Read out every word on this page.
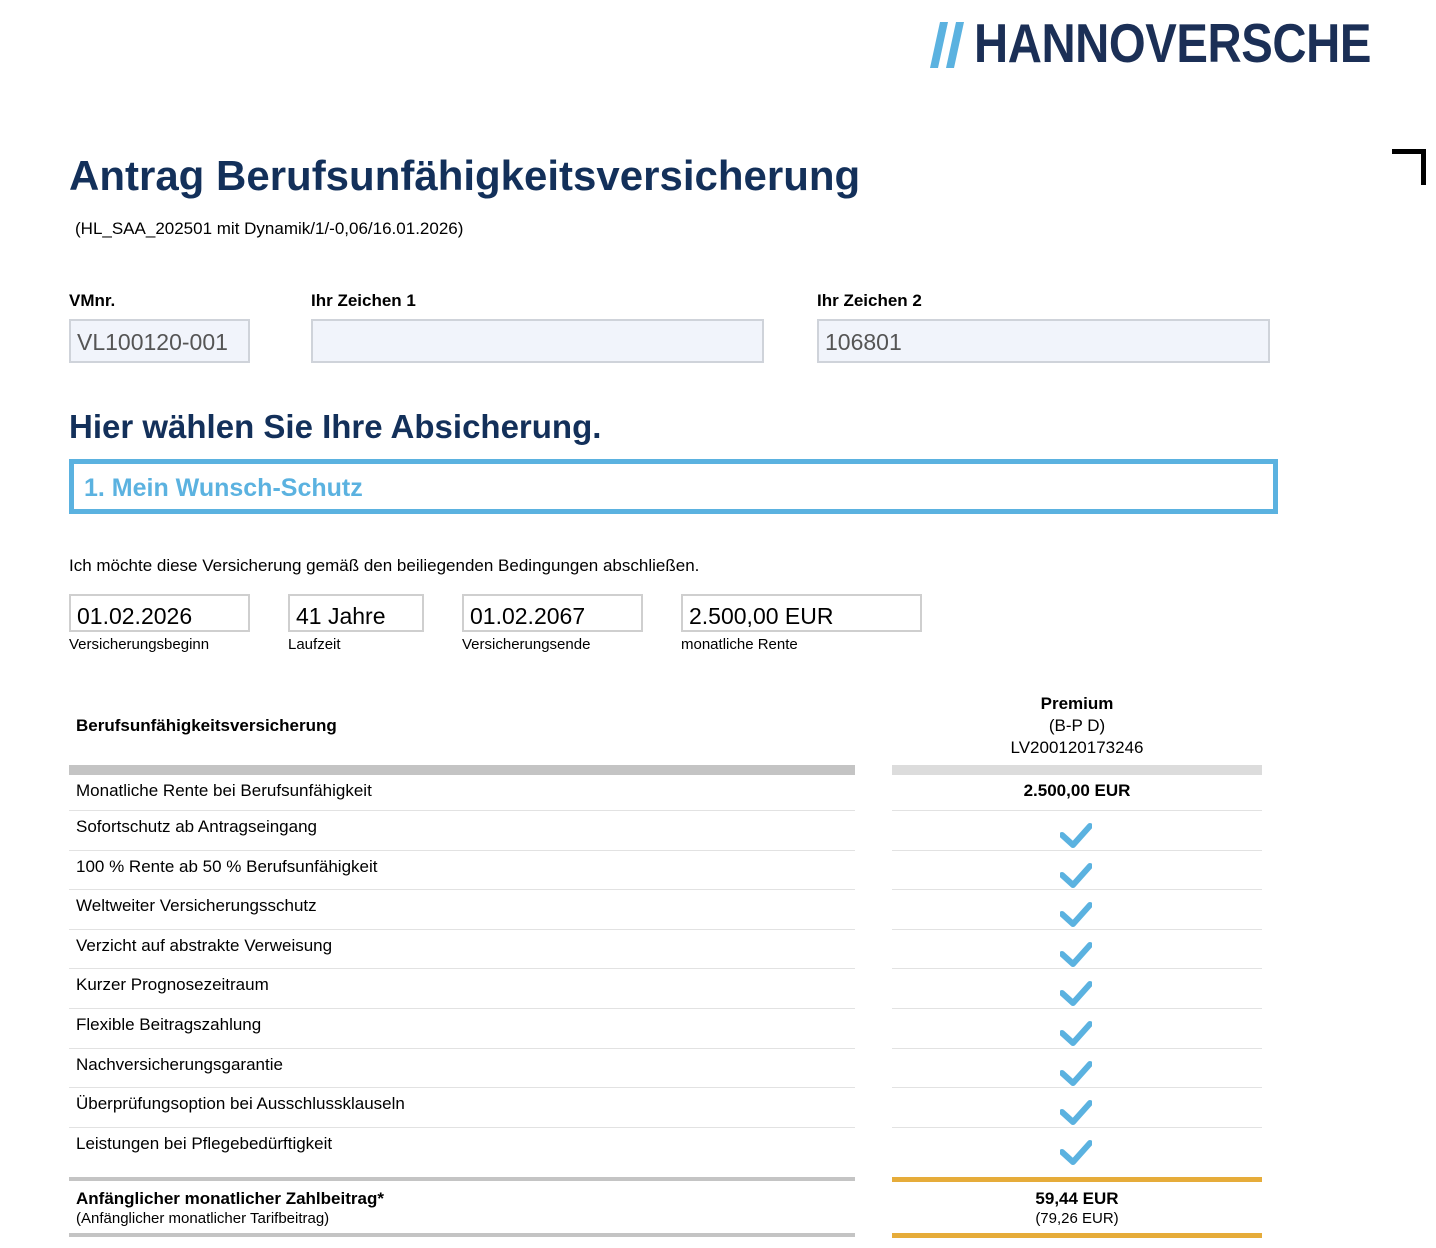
HANNOVERSCHE
Antrag Berufsunfähigkeitsversicherung
(HL_SAA_202501 mit Dynamik/1/-0,06/16.01.2026)
VMnr.
VL100120-001
Ihr Zeichen 1	Ihr Zeichen 2
106801
Hier wählen Sie Ihre Absicherung.
1. Mein Wunsch-Schutz
Ich möchte diese Versicherung gemäß den beiliegenden Bedingungen abschließen.
01.02.2026
Versicherungsbeginn
41 Jahre
Laufzeit
01.02.2067
Versicherungsende
2.500,00 EUR
monatliche Rente
Berufsunfähigkeitsversicherung
Premium
(B-P D)
LV200120173246
Monatliche Rente bei Berufsunfähigkeit	2.500,00 EUR
Sofortschutz ab Antragseingang
100 % Rente ab 50 % Berufsunfähigkeit
Weltweiter Versicherungsschutz
Verzicht auf abstrakte Verweisung
Kurzer Prognosezeitraum
Flexible Beitragszahlung
Nachversicherungsgarantie
Überprüfungsoption bei Ausschlussklauseln
Leistungen bei Pflegebedürftigkeit
Anfänglicher monatlicher Zahlbeitrag*
(Anfänglicher monatlicher Tarifbeitrag)
59,44 EUR
(79,26 EUR)
